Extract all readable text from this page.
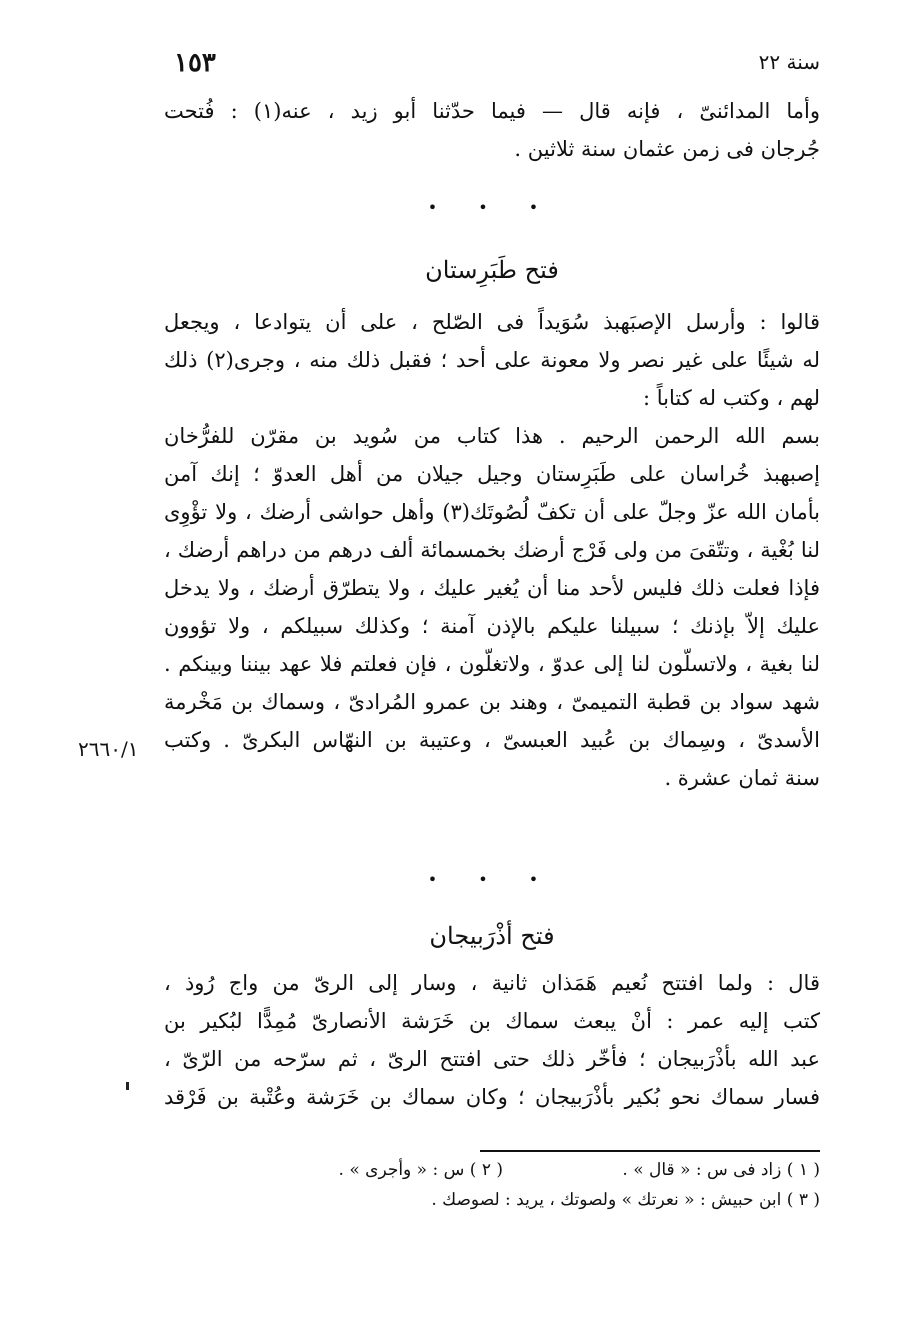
١٥٣	سنة ٢٢
وأما المدائنىّ ، فإنه قال — فيما حدّثنا أبو زيد ، عنه(١) : فُتحت
جُرجان فى زمن عثمان سنة ثلاثين .
• • •
فتح طَبَرِستان
قالوا : وأرسل الإصبَهبذ سُوَيداً فى الصّلح ، على أن يتوادعا ، ويجعل
له شيئًا على غير نصر ولا معونة على أحد ؛ فقبل ذلك منه ، وجرى(٢) ذلك
لهم ، وكتب له كتاباً :
بسم الله الرحمن الرحيم . هذا كتاب من سُويد بن مقرّن للفرُّخان
إصبهبذ خُراسان على طَبَرِستان وجيل جيلان من أهل العدوّ ؛ إنك آمن
بأمان الله عزّ وجلّ على أن تكفّ لُصُوتَك(٣) وأهل حواشى أرضك ، ولا تؤْوِى
لنا بُغْية ، وتتّقىَ من ولى فَرْج أرضك بخمسمائة ألف درهم من دراهم أرضك ،
فإذا فعلت ذلك فليس لأحد منا أن يُغير عليك ، ولا يتطرّق أرضك ، ولا يدخل
عليك إلاّ بإذنك ؛ سبيلنا عليكم بالإذن آمنة ؛ وكذلك سبيلكم ، ولا تؤوون
لنا بغية ، ولاتسلّون لنا إلى عدوّ ، ولاتغلّون ، فإن فعلتم فلا عهد بيننا وبينكم .
شهد سواد بن قطبة التميمىّ ، وهند بن عمرو المُرادىّ ، وسماك بن مَخْرمة
الأسدىّ ، وسِماك بن عُبيد العبسىّ ، وعتيبة بن النهّاس البكرىّ . وكتب
سنة ثمان عشرة .
٢٦٦٠/١
• • •
فتح أذْرَبيجان
قال : ولما افتتح نُعيم هَمَذان ثانية ، وسار إلى الرىّ من واج رُوذ ،
كتب إليه عمر : أنْ يبعث سماك بن خَرَشة الأنصارىّ مُمِدًّا لبُكير بن
عبد الله بأذْرَبيجان ؛ فأخّر ذلك حتى افتتح الرىّ ، ثم سرّحه من الرّىّ ،
فسار سماك نحو بُكير بأذْرَبيجان ؛ وكان سماك بن خَرَشة وعُتْبة بن فَرْقد
( ١ ) زاد فى س : « قال » .
( ٢ ) س : « وأجرى » .
( ٣ ) ابن حبيش : « نعرتك » ولصوتك ، يريد : لصوصك .
